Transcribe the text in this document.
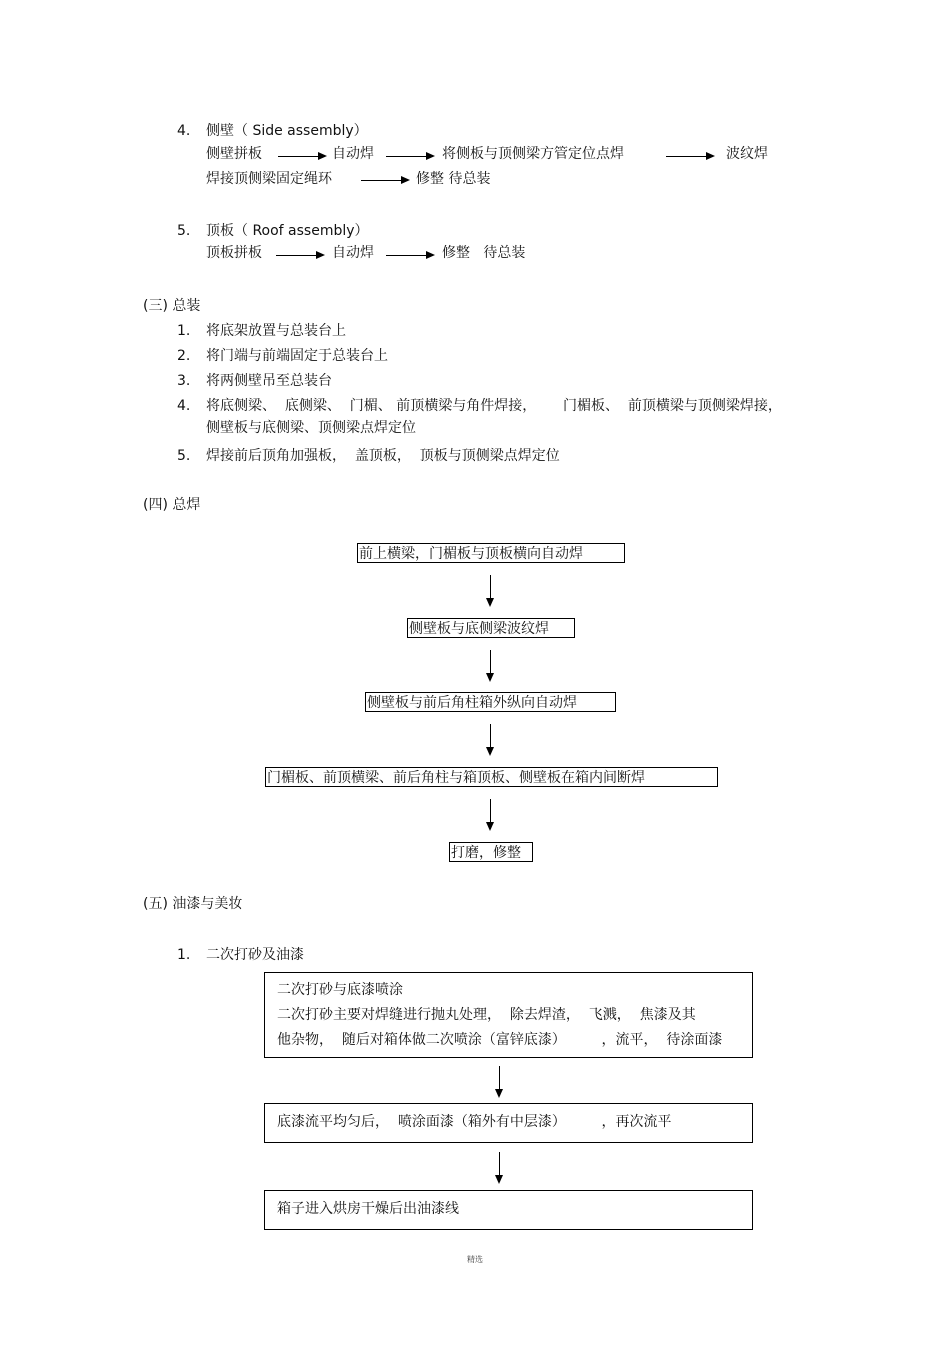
4.	侧壁（ Side assembly）
侧壁拼板	自动焊	将侧板与顶侧梁方管定位点焊	波纹焊
焊接顶侧梁固定绳环	修整 待总装
5.	顶板（ Roof assembly）
顶板拼板	自动焊	修整   待总装
(三) 总装
1.	将底架放置与总装台上
2.	将门端与前端固定于总装台上
3.	将两侧壁吊至总装台
4.	将底侧梁、  底侧梁、  门楣、 前顶横梁与角件焊接，      门楣板、  前顶横梁与顶侧梁焊接，
侧壁板与底侧梁、顶侧梁点焊定位
5.	焊接前后顶角加强板，  盖顶板，  顶板与顶侧梁点焊定位
(四) 总焊
前上横梁，门楣板与顶板横向自动焊
侧壁板与底侧梁波纹焊
侧壁板与前后角柱箱外纵向自动焊
门楣板、前顶横梁、前后角柱与箱顶板、侧壁板在箱内间断焊
打磨，修整
(五) 油漆与美妆
1.	二次打砂及油漆
二次打砂与底漆喷涂
二次打砂主要对焊缝进行抛丸处理，  除去焊渣，  飞溅，  焦漆及其
他杂物，  随后对箱体做二次喷涂（富锌底漆）        ，流平，  待涂面漆
底漆流平均匀后，  喷涂面漆（箱外有中层漆）        ，再次流平
箱子进入烘房干燥后出油漆线
精选
